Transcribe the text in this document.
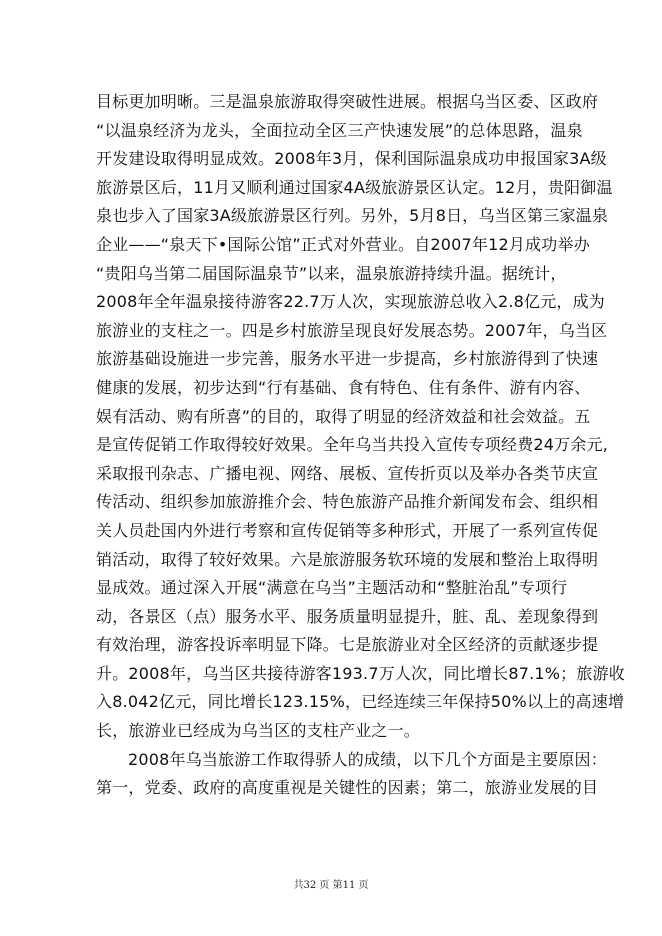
目标更加明晰。三是温泉旅游取得突破性进展。根据乌当区委、区政府
“以温泉经济为龙头，全面拉动全区三产快速发展”的总体思路，温泉
开发建设取得明显成效。2008年3月，保利国际温泉成功申报国家3A级
旅游景区后，11月又顺利通过国家4A级旅游景区认定。12月，贵阳御温
泉也步入了国家3A级旅游景区行列。另外，5月8日，乌当区第三家温泉
企业——“泉天下•国际公馆”正式对外营业。自2007年12月成功举办
“贵阳乌当第二届国际温泉节”以来，温泉旅游持续升温。据统计，
2008年全年温泉接待游客22.7万人次，实现旅游总收入2.8亿元，成为
旅游业的支柱之一。四是乡村旅游呈现良好发展态势。2007年，乌当区
旅游基础设施进一步完善，服务水平进一步提高，乡村旅游得到了快速
健康的发展，初步达到“行有基础、食有特色、住有条件、游有内容、
娱有活动、购有所喜”的目的，取得了明显的经济效益和社会效益。五
是宣传促销工作取得较好效果。全年乌当共投入宣传专项经费24万余元,
采取报刊杂志、广播电视、网络、展板、宣传折页以及举办各类节庆宣
传活动、组织参加旅游推介会、特色旅游产品推介新闻发布会、组织相
关人员赴国内外进行考察和宣传促销等多种形式，开展了一系列宣传促
销活动，取得了较好效果。六是旅游服务软环境的发展和整治上取得明
显成效。通过深入开展“满意在乌当”主题活动和“整脏治乱”专项行
动，各景区（点）服务水平、服务质量明显提升，脏、乱、差现象得到
有效治理，游客投诉率明显下降。七是旅游业对全区经济的贡献逐步提
升。2008年，乌当区共接待游客193.7万人次，同比增长87.1%；旅游收
入8.042亿元，同比增长123.15%，已经连续三年保持50%以上的高速增
长，旅游业已经成为乌当区的支柱产业之一。
2008年乌当旅游工作取得骄人的成绩，以下几个方面是主要原因：
第一，党委、政府的高度重视是关键性的因素；第二，旅游业发展的目
共32 页 第11 页
